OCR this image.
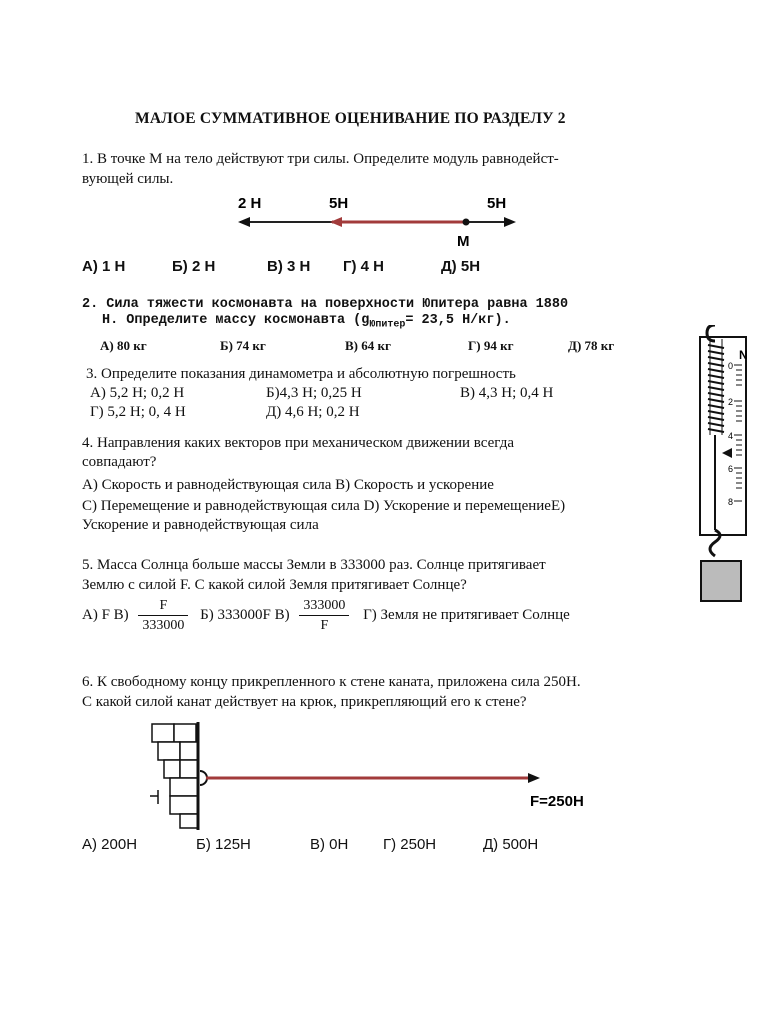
МАЛОЕ СУММАТИВНОЕ ОЦЕНИВАНИЕ ПО РАЗДЕЛУ 2
1. В точке М на тело действуют три силы. Определите модуль равнодейст-
вующей силы.
2 Н	5Н	5Н
М
А) 1 Н	Б) 2 Н	В) 3 Н Г) 4 Н	Д) 5Н
2. Сила тяжести космонавта на поверхности Юпитера равна 1880
Н. Определите массу космонавта ($g_{Юпитер}= 23,5$ Н/кг).
А) 80 кг	Б) 74 кг	В) 64 кг	Г) 94 кг	Д) 78 кг
3. Определите показания динамометра и абсолютную погрешность
А) 5,2 Н; 0,2 Н	Б)4,3 Н; 0,25 Н	В) 4,3 Н; 0,4 Н
Г) 5,2 Н; 0, 4 Н	Д) 4,6 Н; 0,2 Н
N
0
2
4
6
8
4. Направления каких векторов при механическом движении всегда
совпадают?
А) Скорость и равнодействующая сила В) Скорость и ускорение
С) Перемещение и равнодействующая сила D) Ускорение и перемещениеЕ)
Ускорение и равнодействующая сила
5. Масса Солнца больше массы Земли в 333000 раз. Солнце притягивает
Землю с силой F. С какой силой Земля притягивает Солнце?
А) F $В) \frac{F}{333000} Б$) 333000F $В) \frac{333000}{F} Г$) Земля не притягивает Солнце
6. К свободному концу прикрепленного к стене каната, приложена сила 250Н.
С какой силой канат действует на крюк, прикрепляющий его к стене?
F=250H
А) 200Н	Б) 125Н	В) 0Н Г) 250Н	Д) 500Н
